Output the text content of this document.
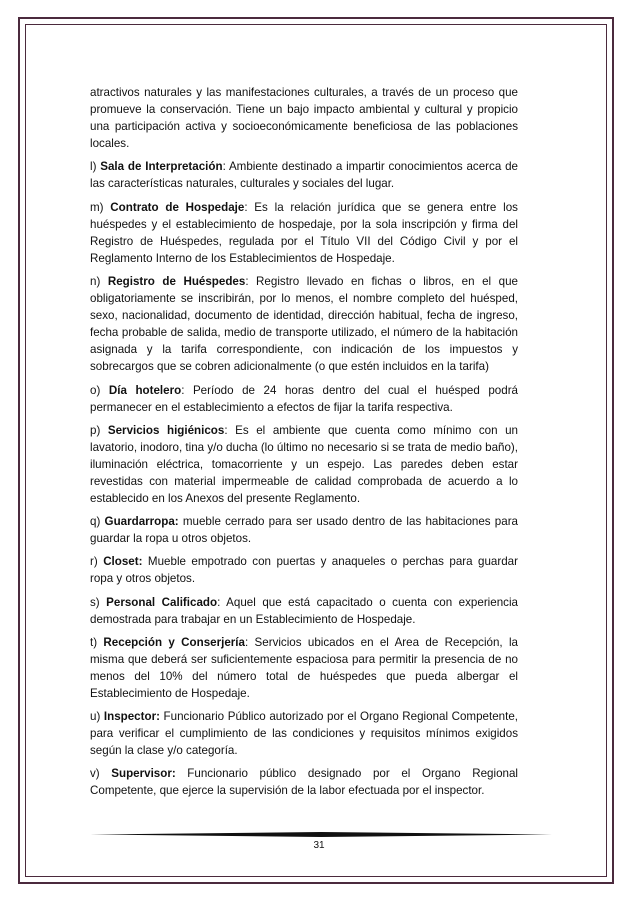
atractivos naturales y las manifestaciones culturales, a través de un proceso que promueve la conservación. Tiene un bajo impacto ambiental y cultural y propicio una participación activa y socioeconómicamente beneficiosa de las poblaciones locales.

l) Sala de Interpretación: Ambiente destinado a impartir conocimientos acerca de las características naturales, culturales y sociales del lugar.

m) Contrato de Hospedaje: Es la relación jurídica que se genera entre los huéspedes y el establecimiento de hospedaje, por la sola inscripción y firma del Registro de Huéspedes, regulada por el Título VII del Código Civil y por el Reglamento Interno de los Establecimientos de Hospedaje.

n) Registro de Huéspedes: Registro llevado en fichas o libros, en el que obligatoriamente se inscribirán, por lo menos, el nombre completo del huésped, sexo, nacionalidad, documento de identidad, dirección habitual, fecha de ingreso, fecha probable de salida, medio de transporte utilizado, el número de la habitación asignada y la tarifa correspondiente, con indicación de los impuestos y sobrecargos que se cobren adicionalmente (o que estén incluidos en la tarifa)

o) Día hotelero: Período de 24 horas dentro del cual el huésped podrá permanecer en el establecimiento a efectos de fijar la tarifa respectiva.

p) Servicios higiénicos: Es el ambiente que cuenta como mínimo con un lavatorio, inodoro, tina y/o ducha (lo último no necesario si se trata de medio baño), iluminación eléctrica, tomacorriente y un espejo. Las paredes deben estar revestidas con material impermeable de calidad comprobada de acuerdo a lo establecido en los Anexos del presente Reglamento.

q) Guardarropa: mueble cerrado para ser usado dentro de las habitaciones para guardar la ropa u otros objetos.

r) Closet: Mueble empotrado con puertas y anaqueles o perchas para guardar ropa y otros objetos.

s) Personal Calificado: Aquel que está capacitado o cuenta con experiencia demostrada para trabajar en un Establecimiento de Hospedaje.

t) Recepción y Conserjería: Servicios ubicados en el Area de Recepción, la misma que deberá ser suficientemente espaciosa para permitir la presencia de no menos del 10% del número total de huéspedes que pueda albergar el Establecimiento de Hospedaje.

u) Inspector: Funcionario Público autorizado por el Organo Regional Competente, para verificar el cumplimiento de las condiciones y requisitos mínimos exigidos según la clase y/o categoría.

v) Supervisor: Funcionario público designado por el Organo Regional Competente, que ejerce la supervisión de la labor efectuada por el inspector.

31
